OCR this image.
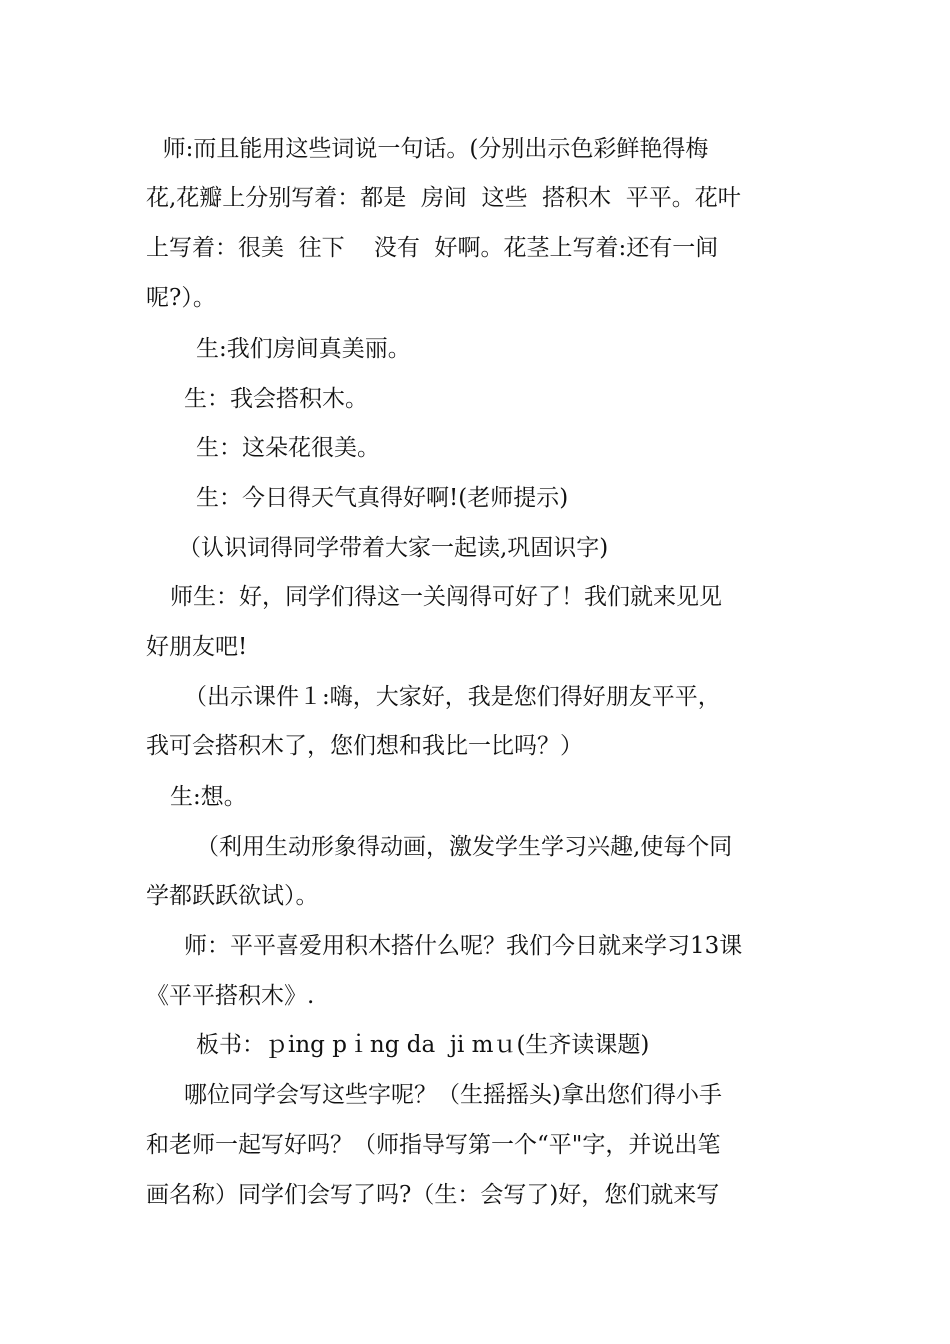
师:而且能用这些词说一句话。(分别出示色彩鲜艳得梅
花,花瓣上分别写着：都是  房间  这些  搭积木  平平。花叶
上写着：很美  往下    没有  好啊。花茎上写着:还有一间
呢?）。
生:我们房间真美丽。
生：我会搭积木。
生：这朵花很美。
生：今日得天气真得好啊!(老师提示)
（认识词得同学带着大家一起读,巩固识字)
师生：好，同学们得这一关闯得可好了！我们就来见见
好朋友吧!
（出示课件１:嗨，大家好，我是您们得好朋友平平，
我可会搭积木了，您们想和我比一比吗？）
生:想。
（利用生动形象得动画，激发学生学习兴趣,使每个同
学都跃跃欲试）。
师：平平喜爱用积木搭什么呢？我们今日就来学习13课
《平平搭积木》.
板书：ｐing pｉng da  ji mｕ(生齐读课题)
哪位同学会写这些字呢？（生摇摇头)拿出您们得小手
和老师一起写好吗？（师指导写第一个“平"字，并说出笔
画名称）同学们会写了吗?（生：会写了)好，您们就来写
